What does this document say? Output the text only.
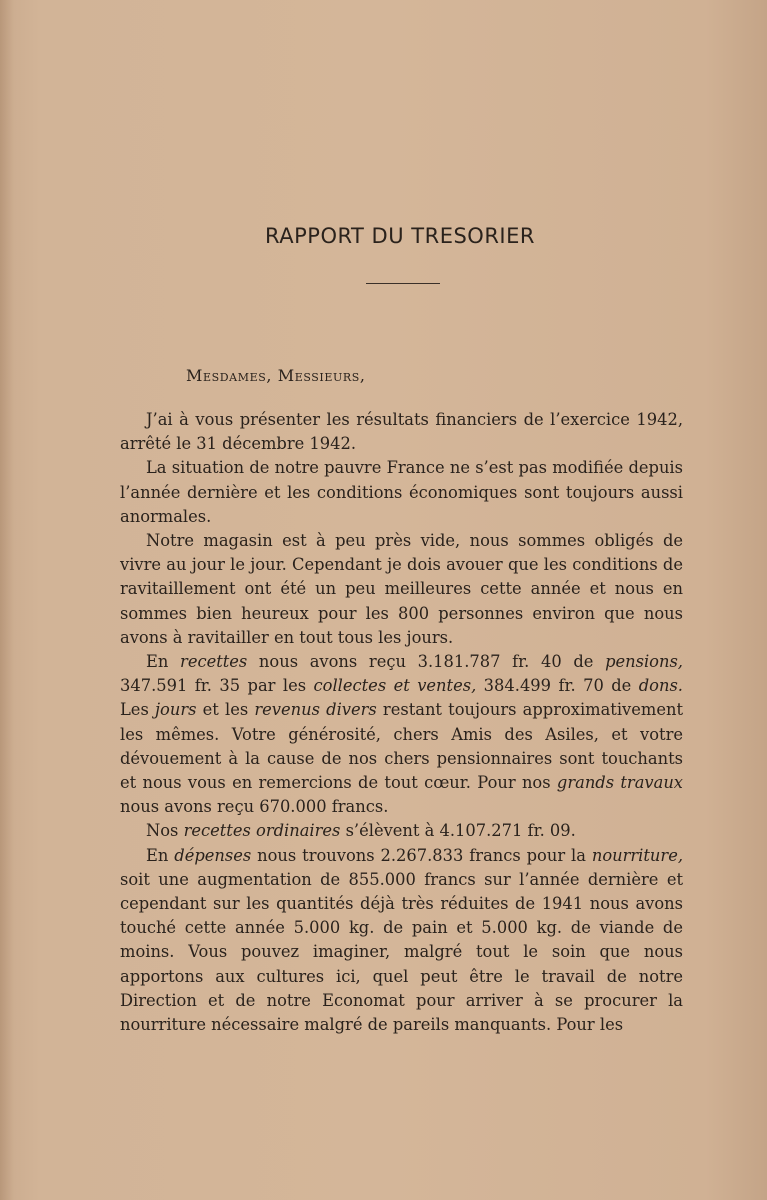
RAPPORT DU TRESORIER
Mesdames, Messieurs,

J’ai à vous présenter les résultats financiers de l’exercice 1942, arrêté le 31 décembre 1942.

La situation de notre pauvre France ne s’est pas modifiée depuis l’année dernière et les conditions économiques sont toujours aussi anormales.

Notre magasin est à peu près vide, nous sommes obligés de vivre au jour le jour. Cependant je dois avouer que les conditions de ravitaillement ont été un peu meilleures cette année et nous en sommes bien heureux pour les 800 personnes environ que nous avons à ravitailler en tout tous les jours.

En recettes nous avons reçu 3.181.787 fr. 40 de pensions, 347.591 fr. 35 par les collectes et ventes, 384.499 fr. 70 de dons. Les jours et les revenus divers restant toujours approximativement les mêmes. Votre générosité, chers Amis des Asiles, et votre dévouement à la cause de nos chers pensionnaires sont touchants et nous vous en remercions de tout cœur. Pour nos grands travaux nous avons reçu 670.000 francs.

Nos recettes ordinaires s’élèvent à 4.107.271 fr. 09.

En dépenses nous trouvons 2.267.833 francs pour la nourriture, soit une augmentation de 855.000 francs sur l’année dernière et cependant sur les quantités déjà très réduites de 1941 nous avons touché cette année 5.000 kg. de pain et 5.000 kg. de viande de moins. Vous pouvez imaginer, malgré tout le soin que nous apportons aux cultures ici, quel peut être le travail de notre Direction et de notre Economat pour arriver à se procurer la nourriture nécessaire malgré de pareils manquants. Pour les
